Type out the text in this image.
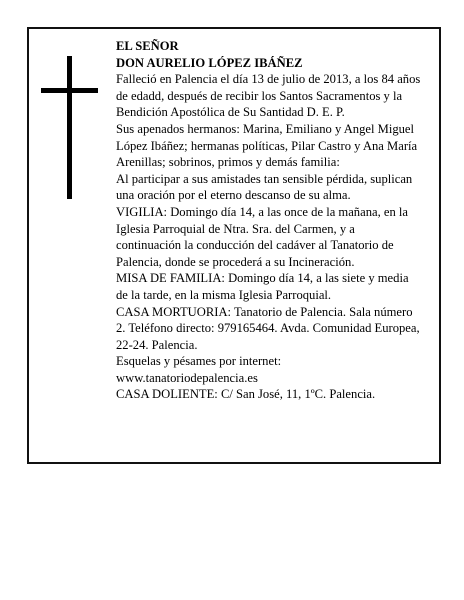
EL SEÑOR

DON AURELIO LÓPEZ IBÁÑEZ

Falleció en Palencia el día 13 de julio de 2013, a los 84 años de edadd, después de recibir los Santos Sacramentos y la Bendición Apostólica de Su Santidad D. E. P.

Sus apenados hermanos: Marina, Emiliano y Angel Miguel López Ibáñez; hermanas políticas, Pilar Castro y Ana María Arenillas; sobrinos, primos y demás familia:

Al participar a sus amistades tan sensible pérdida, suplican una oración por el eterno descanso de su alma.

VIGILIA: Domingo día 14, a las once de la mañana, en la Iglesia Parroquial de Ntra. Sra. del Carmen, y a continuación la conducción del cadáver al Tanatorio de Palencia, donde se procederá a su Incineración.

MISA DE FAMILIA: Domingo día 14, a las siete y media de la tarde, en la misma Iglesia Parroquial.

CASA MORTUORIA: Tanatorio de Palencia. Sala número 2. Teléfono directo: 979165464. Avda. Comunidad Europea, 22-24. Palencia.

Esquelas y pésames por internet: www.tanatoriodepalencia.es

CASA DOLIENTE: C/ San José, 11, 1ºC. Palencia.
